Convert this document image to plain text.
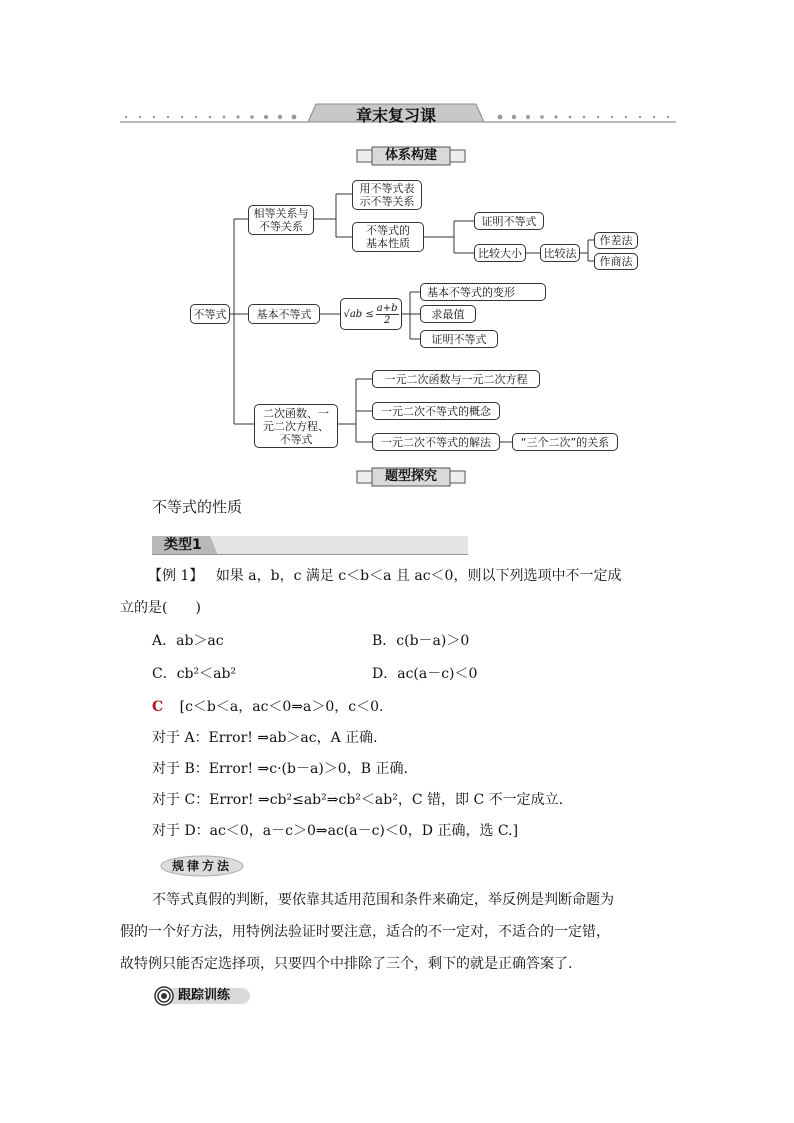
章末复习课
体系构建
不等式
相等关系与不等关系
用不等式表示不等关系
不等式的基本性质
证明不等式
比较大小	比较法
作差法
作商法
基本不等式	$√ab \le \frac{a+b}{2}$
基本不等式的变形
求最值
证明不等式
二次函数、一元二次方程、不等式
一元二次函数与一元二次方程
一元二次不等式的概念
一元二次不等式的解法	“三个二次”的关系
题型探究
不等式的性质
类型1
【例 1】 如果 a，b，c 满足 c＜b＜a 且 ac＜0，则以下列选项中不一定成
立的是(　　)
A．ab＞ac	B．c(b－a)＞0
C．cb²＜ab²	D．ac(a－c)＜0
C [c＜b＜a，ac＜0⇒a＞0，c＜0.
对于 A：Error! ⇒ab＞ac，A 正确.
对于 B：Error! ⇒c·(b－a)＞0，B 正确.
对于 C：Error! ⇒cb²≤ab²⇒cb²＜ab²，C 错，即 C 不一定成立.
对于 D：ac＜0，a－c＞0⇒ac(a－c)＜0，D 正确，选 C.]
规律方法
不等式真假的判断，要依靠其适用范围和条件来确定，举反例是判断命题为
假的一个好方法，用特例法验证时要注意，适合的不一定对，不适合的一定错，
故特例只能否定选择项，只要四个中排除了三个，剩下的就是正确答案了.
跟踪训练
